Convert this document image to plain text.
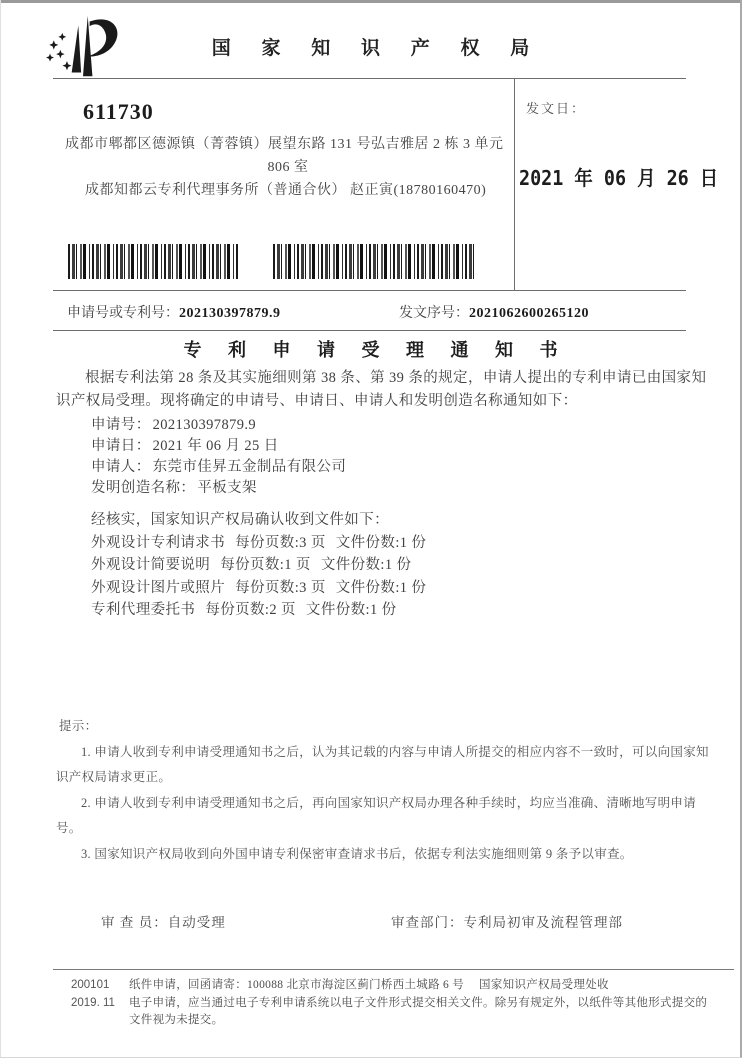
国 家 知 识 产 权 局
发文日：
2021 年 06 月 26 日
611730
成都市郫都区德源镇（菁蓉镇）展望东路 131 号弘吉雅居 2 栋 3 单元
806 室
成都知都云专利代理事务所（普通合伙） 赵正寅(18780160470)
申请号或专利号：202130397879.9	发文序号：2021062600265120
专 利 申 请 受 理 通 知 书

根据专利法第 28 条及其实施细则第 38 条、第 39 条的规定，申请人提出的专利申请已由国家知识产权局受理。现将确定的申请号、申请日、申请人和发明创造名称通知如下：

申请号： 202130397879.9
申请日： 2021 年 06 月 25 日
申请人： 东莞市佳昇五金制品有限公司
发明创造名称： 平板支架
经核实，国家知识产权局确认收到文件如下：
外观设计专利请求书 每份页数:3 页 文件份数:1 份
外观设计简要说明 每份页数:1 页 文件份数:1 份
外观设计图片或照片 每份页数:3 页 文件份数:1 份
专利代理委托书 每份页数:2 页 文件份数:1 份

提示：

1. 申请人收到专利申请受理通知书之后，认为其记载的内容与申请人所提交的相应内容不一致时，可以向国家知识产权局请求更正。

2. 申请人收到专利申请受理通知书之后，再向国家知识产权局办理各种手续时，均应当准确、清晰地写明申请号。

3. 国家知识产权局收到向外国申请专利保密审查请求书后，依据专利法实施细则第 9 条予以审查。

审 查 员：自动受理	审查部门：专利局初审及流程管理部
200101	纸件申请，回函请寄：100088 北京市海淀区蓟门桥西土城路 6 号　 国家知识产权局受理处收
2019. 11	电子申请，应当通过电子专利申请系统以电子文件形式提交相关文件。除另有规定外，以纸件等其他形式提交的文件视为未提交。
